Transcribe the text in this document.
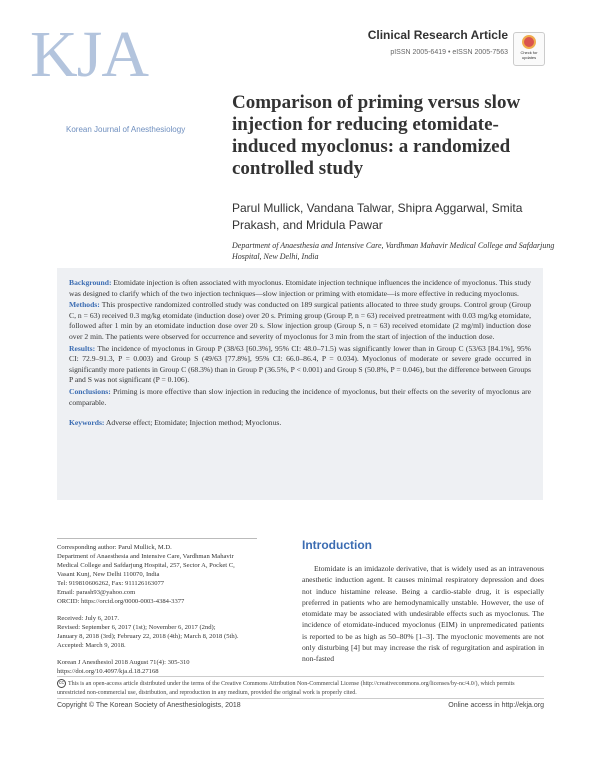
KJA
Korean Journal of Anesthesiology
Clinical Research Article
pISSN 2005-6419 • eISSN 2005-7563	Check for
updates
Comparison of priming versus slow injection for reducing etomidate-induced myoclonus: a randomized controlled study
Parul Mullick, Vandana Talwar, Shipra Aggarwal, Smita Prakash, and Mridula Pawar
Department of Anaesthesia and Intensive Care, Vardhman Mahavir Medical College and Safdarjung Hospital, New Delhi, India

Background: Etomidate injection is often associated with myoclonus. Etomidate injection technique influences the incidence of myoclonus. This study was designed to clarify which of the two injection techniques—slow injection or priming with etomidate—is more effective in reducing myoclonus.

Methods: This prospective randomized controlled study was conducted on 189 surgical patients allocated to three study groups. Control group (Group C, n = 63) received 0.3 mg/kg etomidate (induction dose) over 20 s. Priming group (Group P, n = 63) received pretreatment with 0.03 mg/kg etomidate, followed after 1 min by an etomidate induction dose over 20 s. Slow injection group (Group S, n = 63) received etomidate (2 mg/ml) induction dose over 2 min. The patients were observed for occurrence and severity of myoclonus for 3 min from the start of injection of the induction dose.

Results: The incidence of myoclonus in Group P (38/63 [60.3%], 95% CI: 48.0–71.5) was significantly lower than in Group C (53/63 [84.1%], 95% CI: 72.9–91.3, P = 0.003) and Group S (49/63 [77.8%], 95% CI: 66.0–86.4, P = 0.034). Myoclonus of moderate or severe grade occurred in significantly more patients in Group C (68.3%) than in Group P (36.5%, P < 0.001) and Group S (50.8%, P = 0.046), but the difference between Groups P and S was not significant (P = 0.106).

Conclusions: Priming is more effective than slow injection in reducing the incidence of myoclonus, but their effects on the severity of myoclonus are comparable.

Keywords: Adverse effect; Etomidate; Injection method; Myoclonus.

Corresponding author: Parul Mullick, M.D.
Department of Anaesthesia and Intensive Care, Vardhman Mahavir
Medical College and Safdarjung Hospital, 257, Sector A, Pocket C,
Vasant Kunj, New Delhi 110070, India
Tel: 919810606262, Fax: 911126163077
Email: parash93@yahoo.com
ORCID: https://orcid.org/0000-0003-4384-3377
Received: July 6, 2017.
Revised: September 6, 2017 (1st); November 6, 2017 (2nd);
January 8, 2018 (3rd); February 22, 2018 (4th); March 8, 2018 (5th).
Accepted: March 9, 2018.
Korean J Anesthesiol 2018 August 71(4): 305-310
https://doi.org/10.4097/kja.d.18.27168
Introduction

Etomidate is an imidazole derivative, that is widely used as an intravenous anesthetic induction agent. It causes minimal respiratory depression and does not induce histamine release. Being a cardio-stable drug, it is especially preferred in patients who are hemodynamically unstable. However, the use of etomidate may be associated with undesirable effects such as myoclonus. The incidence of etomidate-induced myoclonus (EIM) in unpremedicated patients is reported to be as high as 50–80% [1–3]. The myoclonic movements are not only disturbing [4] but may increase the risk of regurgitation and aspiration in non-fasted

cc This is an open-access article distributed under the terms of the Creative Commons Attribution Non-Commercial License (http://creativecommons.org/licenses/by-nc/4.0/), which permits unrestricted non-commercial use, distribution, and reproduction in any medium, provided the original work is properly cited.
Copyright © The Korean Society of Anesthesiologists, 2018	Online access in http://ekja.org
